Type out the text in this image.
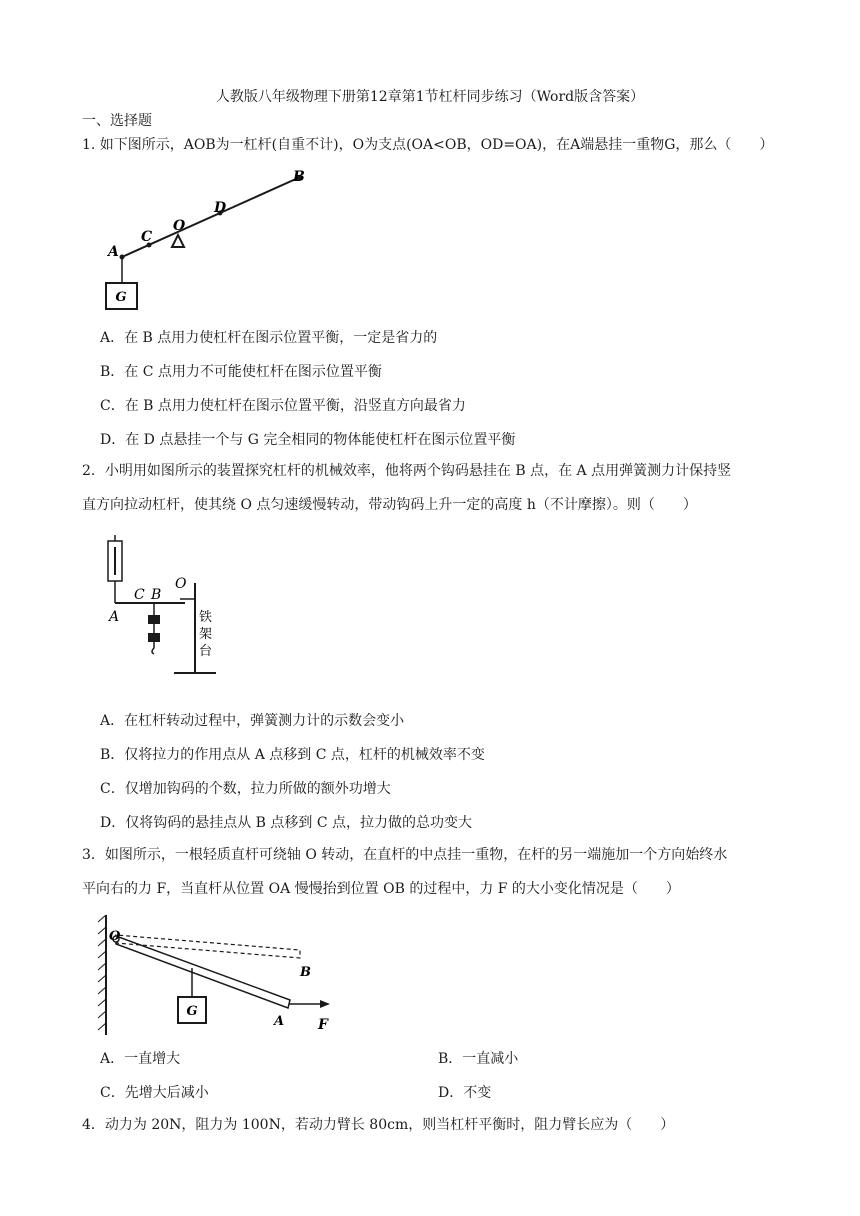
人教版八年级物理下册第12章第1节杠杆同步练习（Word版含答案）
一、选择题
1. 如下图所示，AOB为一杠杆(自重不计)，O为支点(OA<OB，OD=OA)，在A端悬挂一重物G，那么（　　）
G
A
C
O
D
B
A．在 B 点用力使杠杆在图示位置平衡，一定是省力的
B．在 C 点用力不可能使杠杆在图示位置平衡
C．在 B 点用力使杠杆在图示位置平衡，沿竖直方向最省力
D．在 D 点悬挂一个与 G 完全相同的物体能使杠杆在图示位置平衡
2．小明用如图所示的装置探究杠杆的机械效率，他将两个钩码悬挂在 B 点，在 A 点用弹簧测力计保持竖
直方向拉动杠杆，使其绕 O 点匀速缓慢转动，带动钩码上升一定的高度 h（不计摩擦）。则（　　）
A
C B
O
铁
架
台
A．在杠杆转动过程中，弹簧测力计的示数会变小
B．仅将拉力的作用点从 A 点移到 C 点，杠杆的机械效率不变
C．仅增加钩码的个数，拉力所做的额外功增大
D．仅将钩码的悬挂点从 B 点移到 C 点，拉力做的总功变大
3．如图所示，一根轻质直杆可绕轴 O 转动，在直杆的中点挂一重物，在杆的另一端施加一个方向始终水
平向右的力 F，当直杆从位置 OA 慢慢抬到位置 OB 的过程中，力 F 的大小变化情况是（　　）
G
O
B
A F
A．一直增大	B．一直减小
C．先增大后减小	D．不变
4．动力为 20N，阻力为 100N，若动力臂长 80cm，则当杠杆平衡时，阻力臂长应为（　　）
